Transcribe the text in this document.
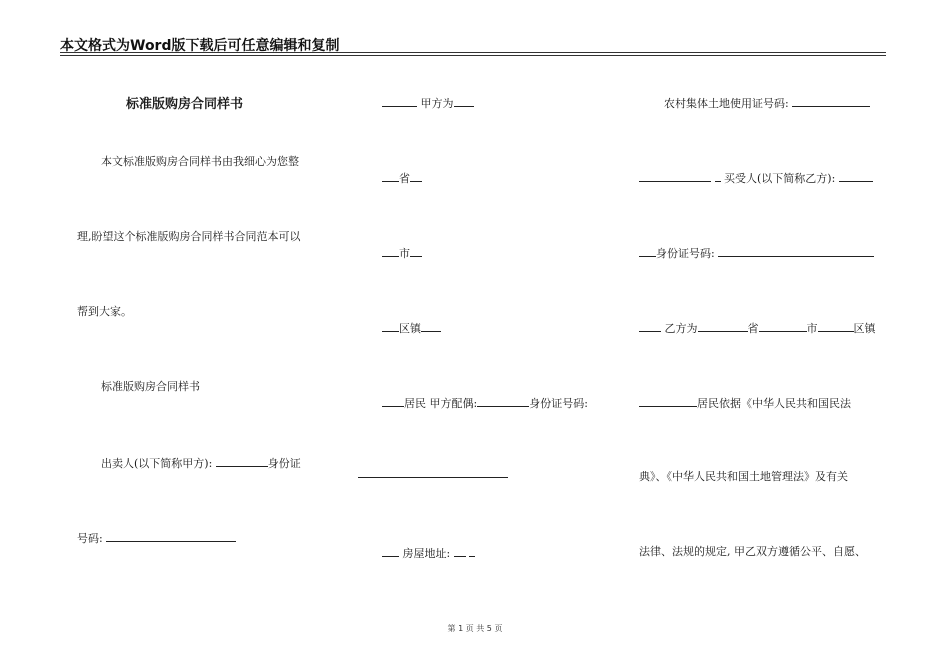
本文格式为Word版下载后可任意编辑和复制
标准版购房合同样书
本文标准版购房合同样书由我细心为您整
理,盼望这个标准版购房合同样书合同范本可以
帮到大家。
标准版购房合同样书
出卖人(以下简称甲方):	身份证
号码:
甲方为
省
市
区镇
居民 甲方配偶:	身份证号码:
房屋地址:
农村集体土地使用证号码:
买受人(以下简称乙方):
身份证号码:
乙方为	省	市	区镇
居民依据《中华人民共和国民法
典》、《中华人民共和国土地管理法》及有关
法律、法规的规定, 甲乙双方遵循公平、自愿、
第 1 页 共 5 页
